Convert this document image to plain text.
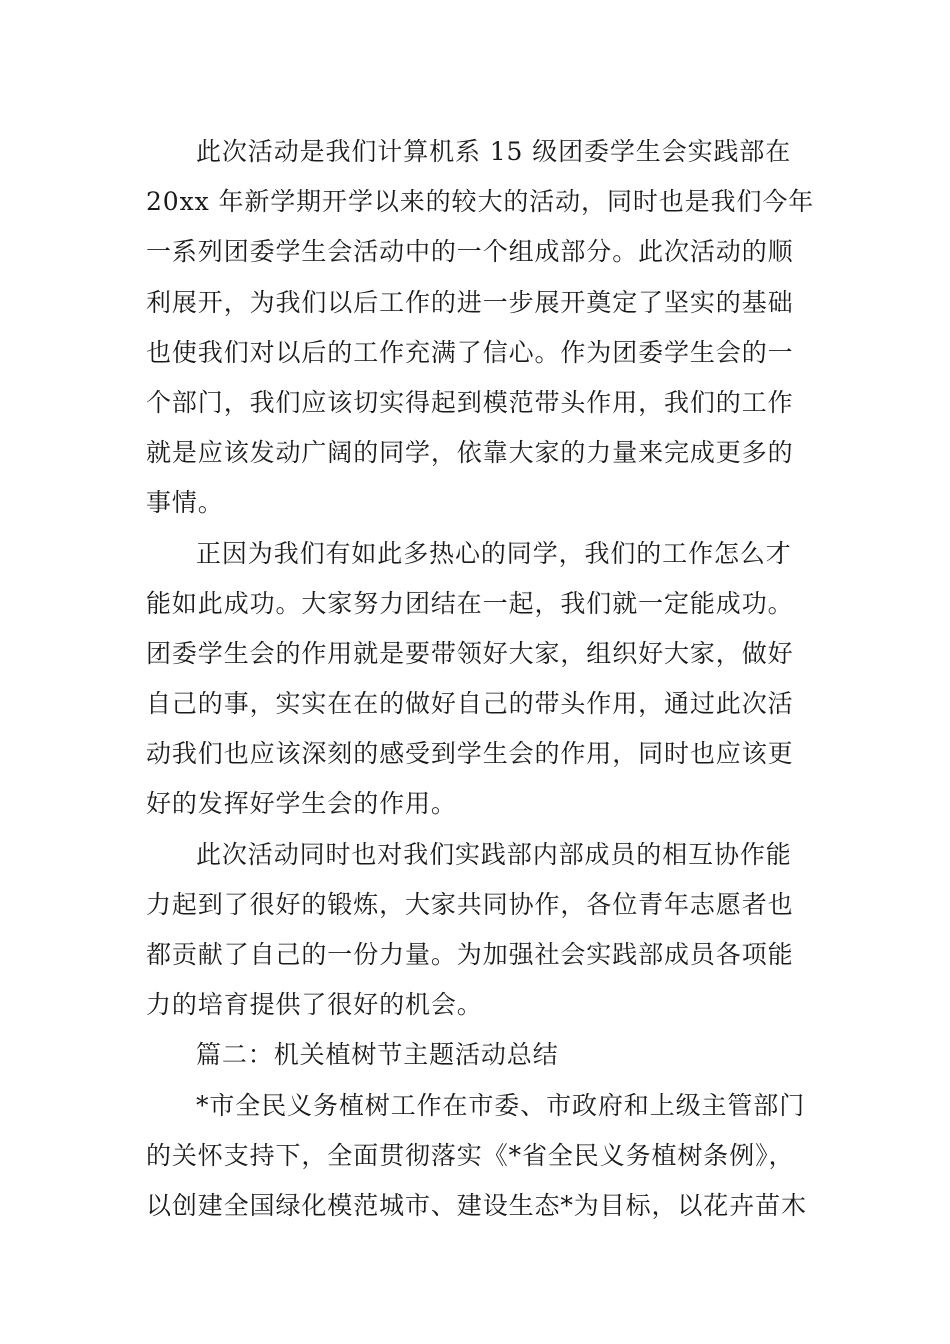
此次活动是我们计算机系 15 级团委学生会实践部在
20xx 年新学期开学以来的较大的活动，同时也是我们今年
一系列团委学生会活动中的一个组成部分。此次活动的顺
利展开，为我们以后工作的进一步展开奠定了坚实的基础
也使我们对以后的工作充满了信心。作为团委学生会的一
个部门，我们应该切实得起到模范带头作用，我们的工作
就是应该发动广阔的同学，依靠大家的力量来完成更多的
事情。
正因为我们有如此多热心的同学，我们的工作怎么才
能如此成功。大家努力团结在一起，我们就一定能成功。
团委学生会的作用就是要带领好大家，组织好大家，做好
自己的事，实实在在的做好自己的带头作用，通过此次活
动我们也应该深刻的感受到学生会的作用，同时也应该更
好的发挥好学生会的作用。
此次活动同时也对我们实践部内部成员的相互协作能
力起到了很好的锻炼，大家共同协作，各位青年志愿者也
都贡献了自己的一份力量。为加强社会实践部成员各项能
力的培育提供了很好的机会。
篇二：机关植树节主题活动总结
*市全民义务植树工作在市委、市政府和上级主管部门
的关怀支持下，全面贯彻落实《*省全民义务植树条例》，
以创建全国绿化模范城市、建设生态*为目标，以花卉苗木
